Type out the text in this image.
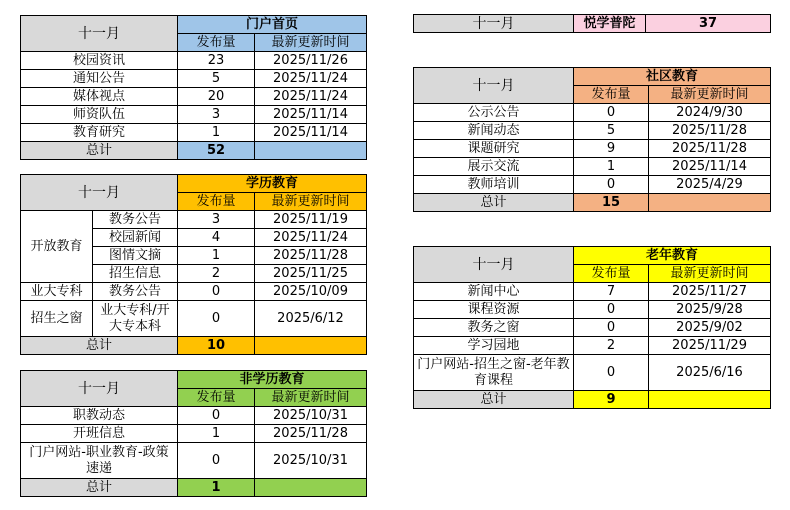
十一月	门户首页	
	发布量	最新更新时间
校园资讯	23	2025/11/26
通知公告	5	2025/11/24
媒体视点	20	2025/11/24
师资队伍	3	2025/11/14
教育研究	1	2025/11/14
总计	52	
十一月		学历教育	
		发布量	最新更新时间
开放教育	教务公告	3	2025/11/19
	校园新闻	4	2025/11/24
	图情文摘	1	2025/11/28
	招生信息	2	2025/11/25
业大专科	教务公告	0	2025/10/09
招生之窗	业大专科/开大专本科	0	2025/6/12
总计		10	
十一月	非学历教育	
	发布量	最新更新时间
职教动态	0	2025/10/31
开班信息	1	2025/11/28
门户网站-职业教育-政策速递	0	2025/10/31
总计	1	
十一月	悦学普陀	37
十一月	社区教育	
	发布量	最新更新时间
公示公告	0	2024/9/30
新闻动态	5	2025/11/28
课题研究	9	2025/11/28
展示交流	1	2025/11/14
教师培训	0	2025/4/29
总计	15	
十一月	老年教育	
	发布量	最新更新时间
新闻中心	7	2025/11/27
课程资源	0	2025/9/28
教务之窗	0	2025/9/02
学习园地	2	2025/11/29
门户网站-招生之窗-老年教育课程	0	2025/6/16
总计	9	
